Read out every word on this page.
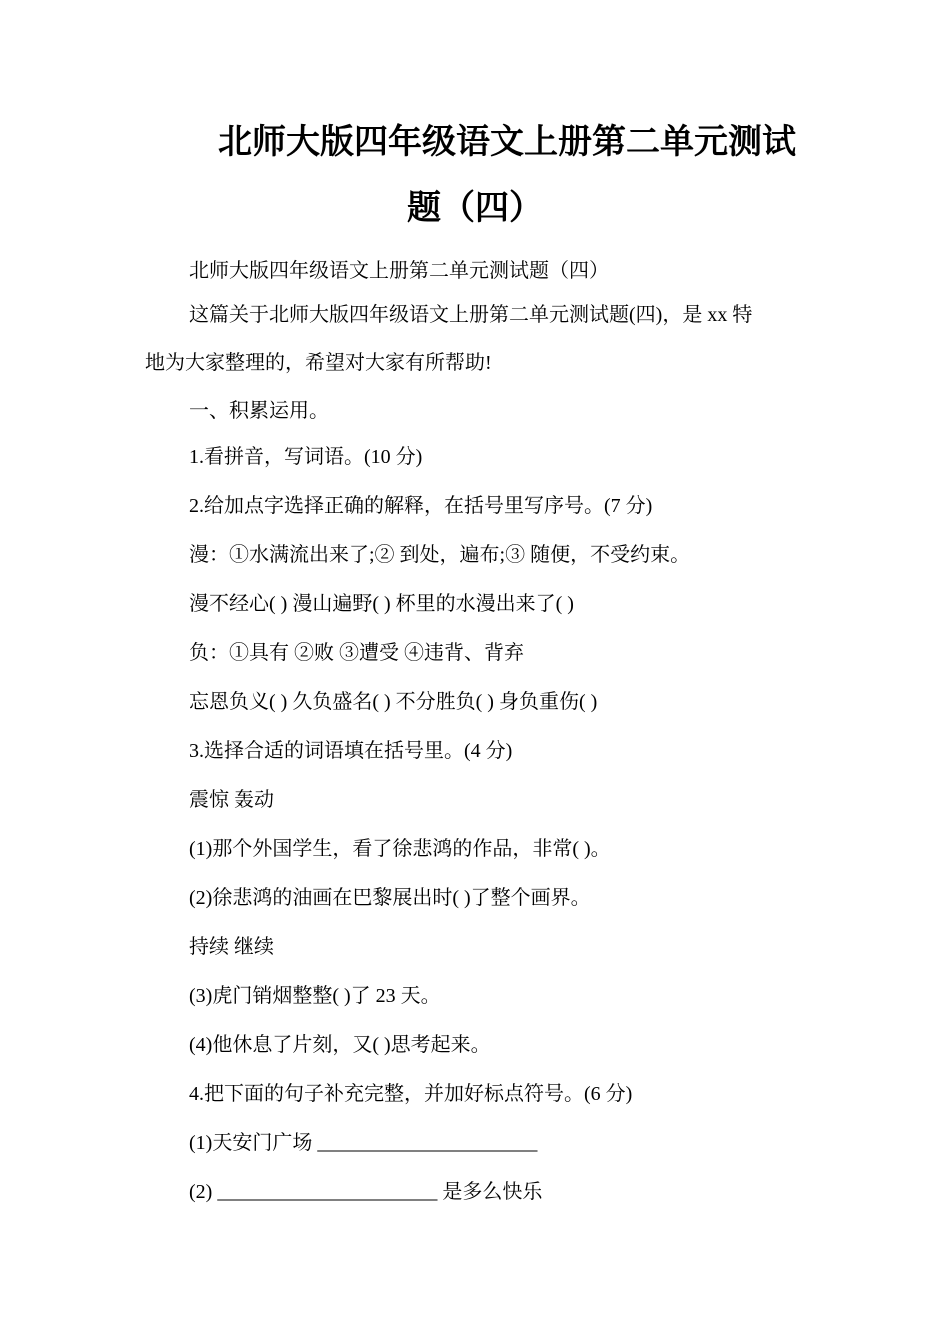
北师大版四年级语文上册第二单元测试
题（四）

北师大版四年级语文上册第二单元测试题（四）

这篇关于北师大版四年级语文上册第二单元测试题(四)，是 xx 特

地为大家整理的，希望对大家有所帮助!

一、积累运用。

1.看拼音，写词语。(10 分)

2.给加点字选择正确的解释，在括号里写序号。(7 分)

漫：①水满流出来了;② 到处，遍布;③ 随便，不受约束。

漫不经心( ) 漫山遍野( ) 杯里的水漫出来了( )

负：①具有 ②败 ③遭受 ④违背、背弃

忘恩负义( ) 久负盛名( ) 不分胜负( ) 身负重伤( )

3.选择合适的词语填在括号里。(4 分)

震惊 轰动

(1)那个外国学生，看了徐悲鸿的作品，非常( )。

(2)徐悲鸿的油画在巴黎展出时( )了整个画界。

持续 继续

(3)虎门销烟整整( )了 23 天。

(4)他休息了片刻，又( )思考起来。

4.把下面的句子补充完整，并加好标点符号。(6 分)

(1)天安门广场 ______________________

(2) ______________________ 是多么快乐
